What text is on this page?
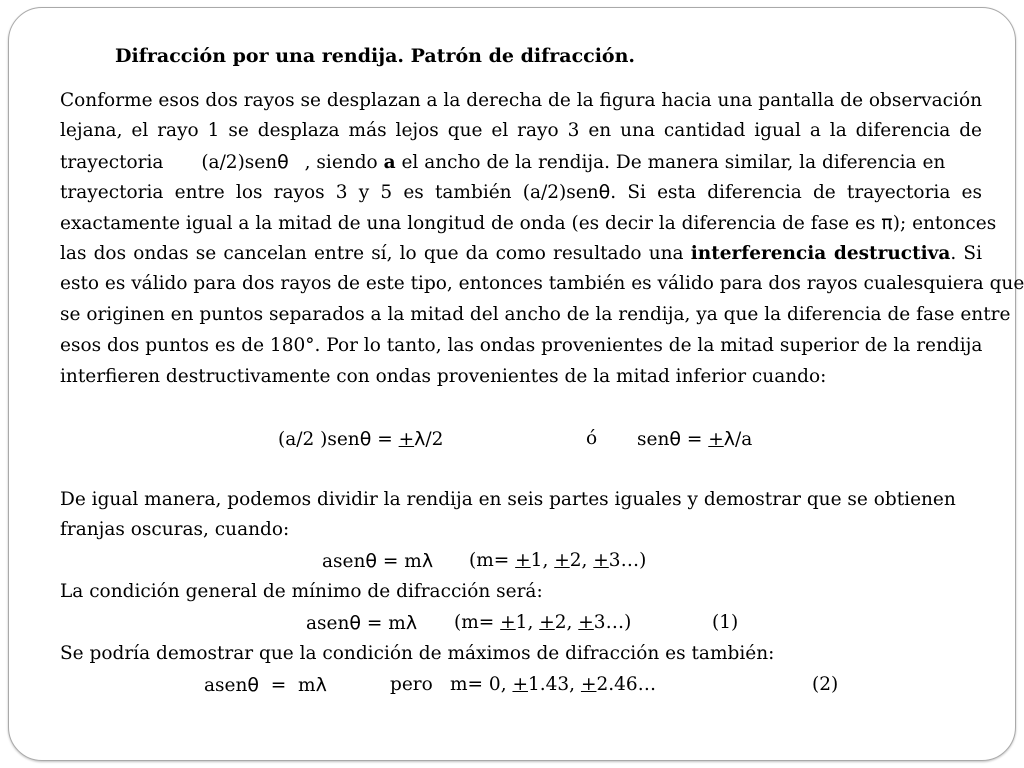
Difracción por una rendija. Patrón de difracción.
Conforme esos dos rayos se desplazan a la derecha de la figura hacia una pantalla de observación
lejana, el rayo 1 se desplaza más lejos que el rayo 3 en una cantidad igual a la diferencia de
trayectoria (a/2)senθ , siendo a el ancho de la rendija. De manera similar, la diferencia en
trayectoria entre los rayos 3 y 5 es también (a/2)senθ. Si esta diferencia de trayectoria es
exactamente igual a la mitad de una longitud de onda (es decir la diferencia de fase es π); entonces
las dos ondas se cancelan entre sí, lo que da como resultado una interferencia destructiva. Si
esto es válido para dos rayos de este tipo, entonces también es válido para dos rayos cualesquiera que
se originen en puntos separados a la mitad del ancho de la rendija, ya que la diferencia de fase entre
esos dos puntos es de 180°. Por lo tanto, las ondas provenientes de la mitad superior de la rendija
interfieren destructivamente con ondas provenientes de la mitad inferior cuando:
(a/2 )senθ = +λ/2	ó senθ = +λ/a
De igual manera, podemos dividir la rendija en seis partes iguales y demostrar que se obtienen
franjas oscuras, cuando:
asenθ = mλ (m= +1, +2, +3…)
La condición general de mínimo de difracción será:
asenθ = mλ (m= +1, +2, +3…)	(1)
Se podría demostrar que la condición de máximos de difracción es también:
asenθ  =  mλ	pero m= 0, +1.43, +2.46…	(2)
